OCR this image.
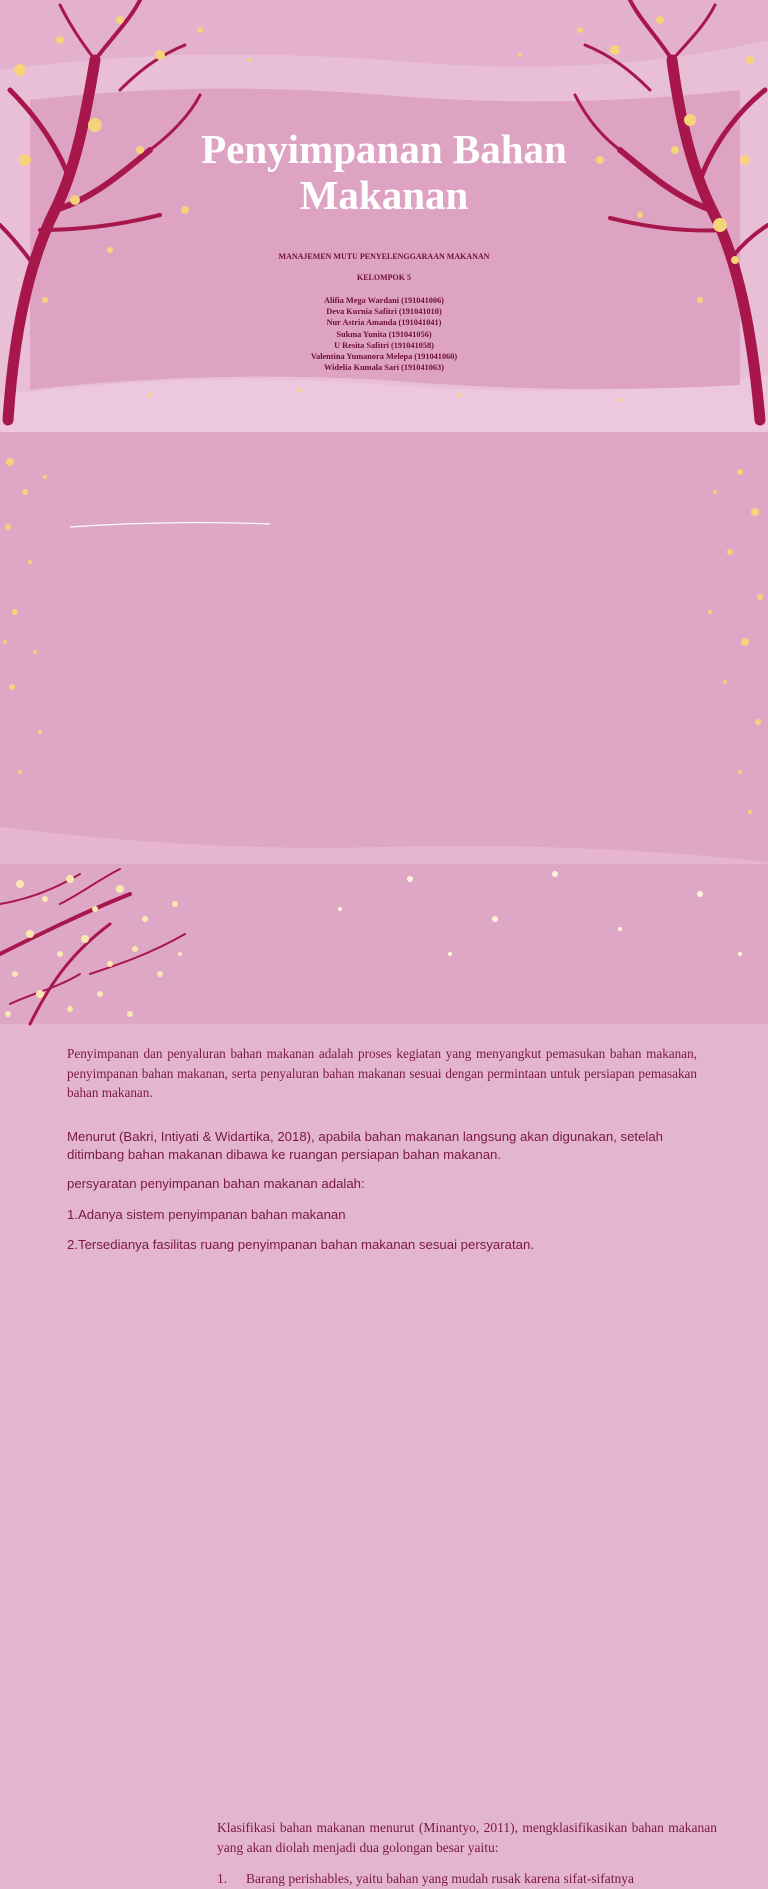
Penyimpanan Bahan
Makanan
MANAJEMEN MUTU PENYELENGGARAAN MAKANAN
KELOMPOK 5
Alifia Mega Wardani (191041006)
Deva Kurnia Safitri (191041010)
Nur Astria Amanda (191041041)
Sukma Yunita (191041056)
U Resita Safitri (191041058)
Valentina Yumanora Melepa (191041060)
Widelia Kumala Sari (191041063)
Penyimpanan dan penyaluran bahan makanan adalah proses kegiatan yang menyangkut pemasukan bahan makanan, penyimpanan bahan makanan, serta penyaluran bahan makanan sesuai dengan permintaan untuk persiapan pemasakan bahan makanan.
Menurut (Bakri, Intiyati & Widartika, 2018), apabila bahan makanan langsung akan digunakan, setelah ditimbang bahan makanan dibawa ke ruangan persiapan bahan makanan.
persyaratan penyimpanan bahan makanan adalah:
1.Adanya sistem penyimpanan bahan makanan
2.Tersedianya fasilitas ruang penyimpanan bahan makanan sesuai persyaratan.
Klasifikasi bahan makanan menurut (Minantyo, 2011), mengklasifikasikan bahan makanan yang akan diolah menjadi dua golongan besar yaitu:
1.	Barang perishables, yaitu bahan yang mudah rusak karena sifat-sifatnya
